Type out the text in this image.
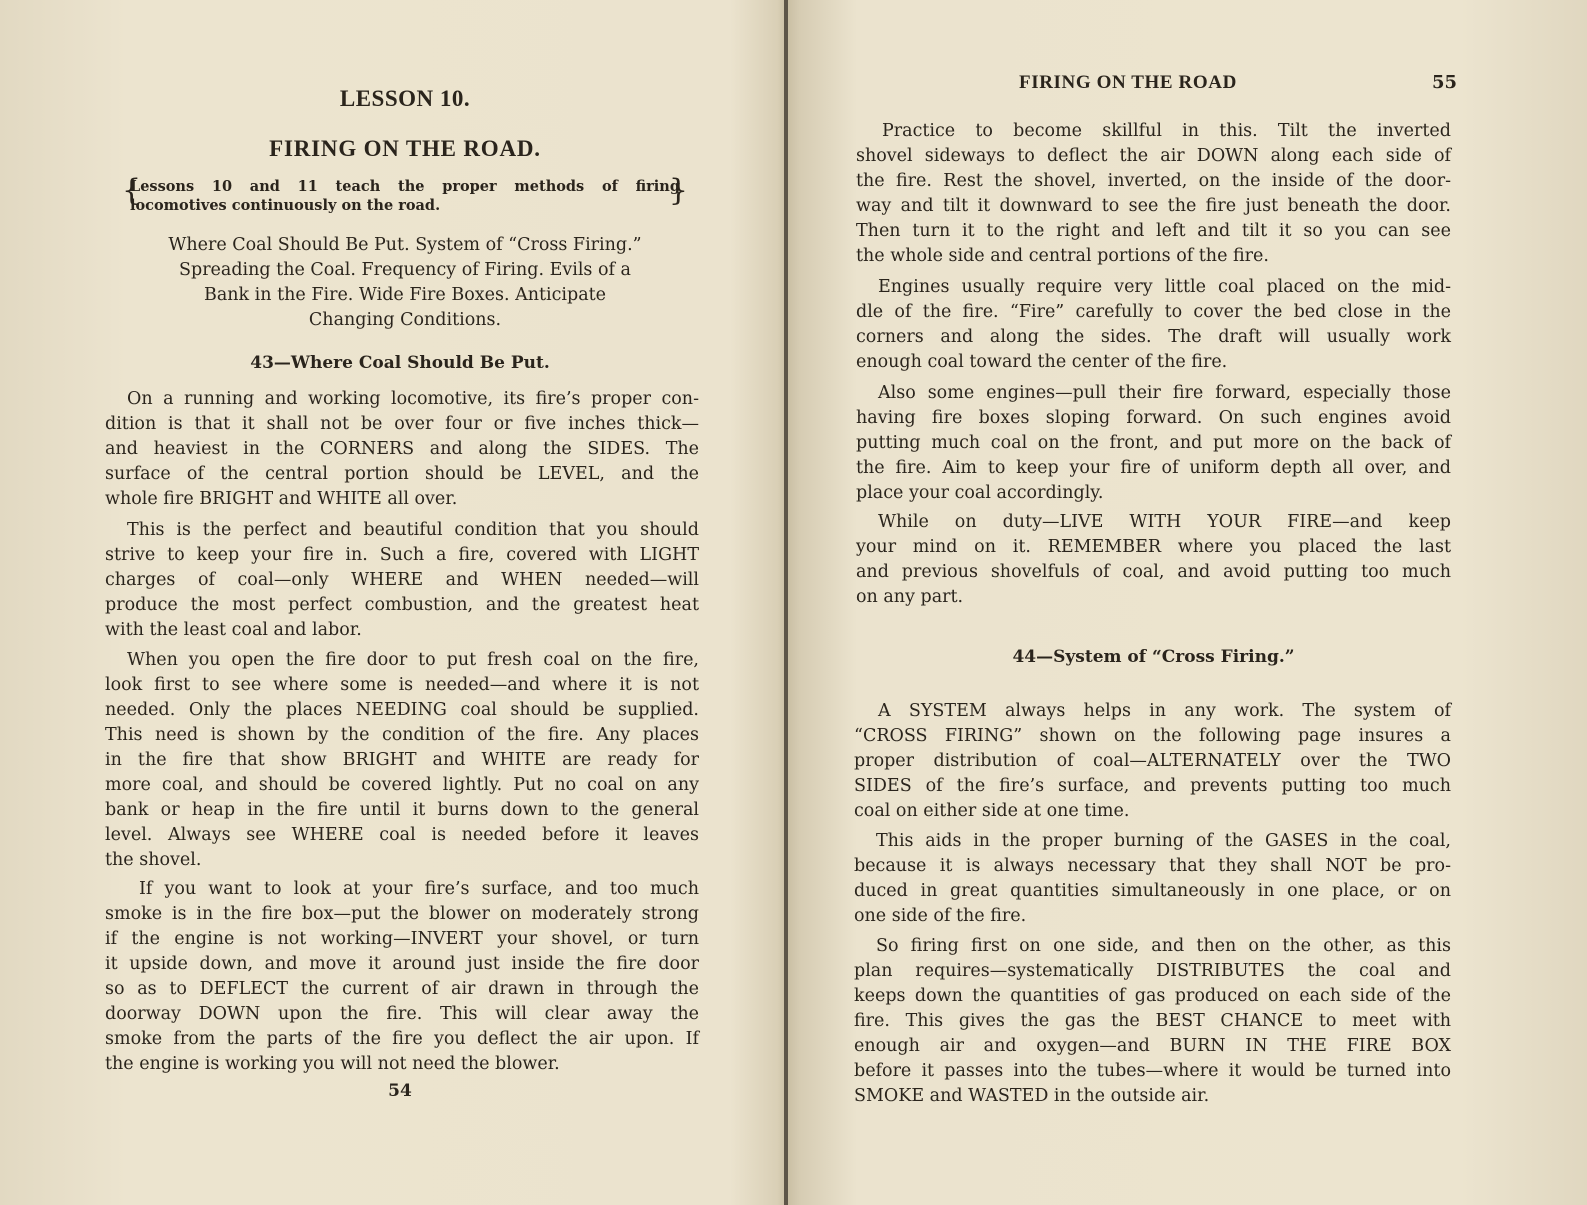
LESSON 10.
FIRING ON THE ROAD.
{	}

Lessons 10 and 11 teach the proper methods of firing

locomotives continuously on the road.

Where Coal Should Be Put. System of “Cross Firing.”
Spreading the Coal. Frequency of Firing. Evils of a
Bank in the Fire. Wide Fire Boxes. Anticipate
Changing Conditions.
43—Where Coal Should Be Put.
On a running and working locomotive, its fire’s proper con-
dition is that it shall not be over four or five inches thick—
and heaviest in the CORNERS and along the SIDES. The
surface of the central portion should be LEVEL, and the
whole fire BRIGHT and WHITE all over.
This is the perfect and beautiful condition that you should
strive to keep your fire in. Such a fire, covered with LIGHT
charges of coal—only WHERE and WHEN needed—will
produce the most perfect combustion, and the greatest heat
with the least coal and labor.
When you open the fire door to put fresh coal on the fire,
look first to see where some is needed—and where it is not
needed. Only the places NEEDING coal should be supplied.
This need is shown by the condition of the fire. Any places
in the fire that show BRIGHT and WHITE are ready for
more coal, and should be covered lightly. Put no coal on any
bank or heap in the fire until it burns down to the general
level. Always see WHERE coal is needed before it leaves
the shovel.
If you want to look at your fire’s surface, and too much
smoke is in the fire box—put the blower on moderately strong
if the engine is not working—INVERT your shovel, or turn
it upside down, and move it around just inside the fire door
so as to DEFLECT the current of air drawn in through the
doorway DOWN upon the fire. This will clear away the
smoke from the parts of the fire you deflect the air upon. If
the engine is working you will not need the blower.
54
FIRING ON THE ROAD	55
Practice to become skillful in this. Tilt the inverted
shovel sideways to deflect the air DOWN along each side of
the fire. Rest the shovel, inverted, on the inside of the door-
way and tilt it downward to see the fire just beneath the door.
Then turn it to the right and left and tilt it so you can see
the whole side and central portions of the fire.
Engines usually require very little coal placed on the mid-
dle of the fire. “Fire” carefully to cover the bed close in the
corners and along the sides. The draft will usually work
enough coal toward the center of the fire.
Also some engines—pull their fire forward, especially those
having fire boxes sloping forward. On such engines avoid
putting much coal on the front, and put more on the back of
the fire. Aim to keep your fire of uniform depth all over, and
place your coal accordingly.
While on duty—LIVE WITH YOUR FIRE—and keep
your mind on it. REMEMBER where you placed the last
and previous shovelfuls of coal, and avoid putting too much
on any part.
44—System of “Cross Firing.”
A SYSTEM always helps in any work. The system of
“CROSS FIRING” shown on the following page insures a
proper distribution of coal—ALTERNATELY over the TWO
SIDES of the fire’s surface, and prevents putting too much
coal on either side at one time.
This aids in the proper burning of the GASES in the coal,
because it is always necessary that they shall NOT be pro-
duced in great quantities simultaneously in one place, or on
one side of the fire.
So firing first on one side, and then on the other, as this
plan requires—systematically DISTRIBUTES the coal and
keeps down the quantities of gas produced on each side of the
fire. This gives the gas the BEST CHANCE to meet with
enough air and oxygen—and BURN IN THE FIRE BOX
before it passes into the tubes—where it would be turned into
SMOKE and WASTED in the outside air.
